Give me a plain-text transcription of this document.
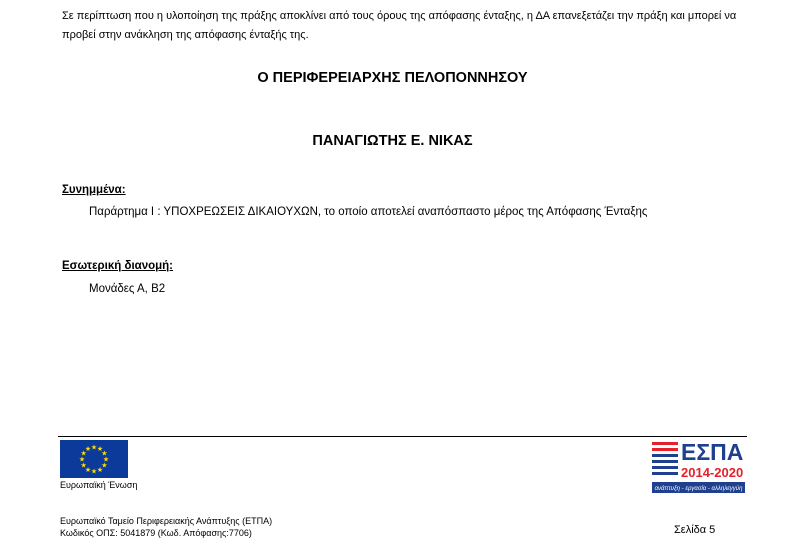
Σε περίπτωση που η υλοποίηση της πράξης αποκλίνει από τους όρους της απόφασης ένταξης, η ΔΑ επανεξετάζει την πράξη και μπορεί να προβεί στην ανάκληση της απόφασης ένταξής της.
Ο ΠΕΡΙΦΕΡΕΙΑΡΧΗΣ ΠΕΛΟΠΟΝΝΗΣΟΥ
ΠΑΝΑΓΙΩΤΗΣ Ε. ΝΙΚΑΣ
Συνημμένα:
Παράρτημα Ι : ΥΠΟΧΡΕΩΣΕΙΣ ΔΙΚΑΙΟΥΧΩΝ, το οποίο αποτελεί αναπόσπαστο μέρος της Απόφασης Ένταξης
Εσωτερική διανομή:
Μονάδες Α, Β2
★ ★
★
★
★
★
★
★
★
★
★
★
Ευρωπαϊκή Ένωση
ΕΣΠΑ
2014-2020
ανάπτυξη - εργασία - αλληλεγγύη
Ευρωπαϊκό Ταμείο Περιφερειακής Ανάπτυξης (ΕΤΠΑ)
Κωδικός ΟΠΣ: 5041879 (Κωδ. Απόφασης:7706)	Σελίδα 5
